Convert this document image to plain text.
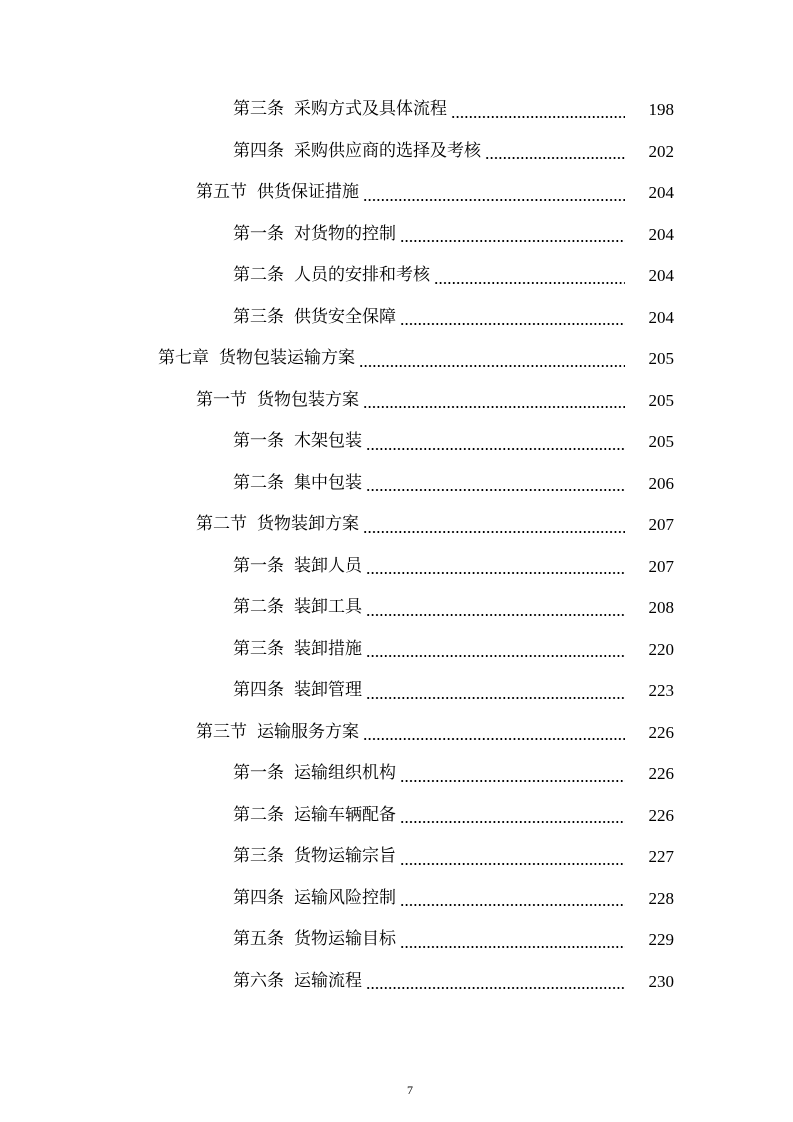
第三条 采购方式及具体流程	198
第四条 采购供应商的选择及考核	202
第五节 供货保证措施	204
第一条 对货物的控制	204
第二条 人员的安排和考核	204
第三条 供货安全保障	204
第七章 货物包装运输方案	205
第一节 货物包装方案	205
第一条 木架包装	205
第二条 集中包装	206
第二节 货物装卸方案	207
第一条 装卸人员	207
第二条 装卸工具	208
第三条 装卸措施	220
第四条 装卸管理	223
第三节 运输服务方案	226
第一条 运输组织机构	226
第二条 运输车辆配备	226
第三条 货物运输宗旨	227
第四条 运输风险控制	228
第五条 货物运输目标	229
第六条 运输流程	230
7
